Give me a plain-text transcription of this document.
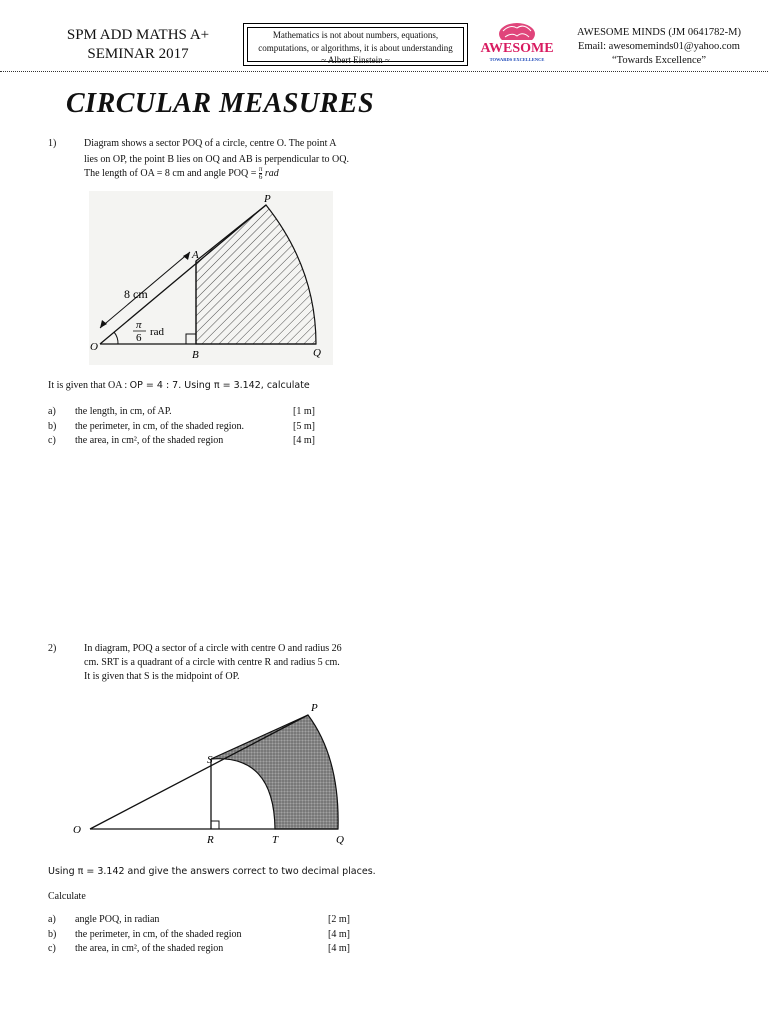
SPM ADD MATHS A+
SEMINAR 2017
Mathematics is not about numbers, equations,
computations, or algorithms, it is about understanding
~ Albert Einstein ~
AWESOME
TOWARDS EXCELLENCE
AWESOME MINDS (JM 0641782-M)
Email: awesomeminds01@yahoo.com
“Towards Excellence”
CIRCULAR MEASURES
1)	Diagram shows a sector POQ of a circle, centre O. The point A
lies on OP, the point B lies on OQ and AB is perpendicular to OQ.
The length of OA = 8 cm and angle POQ = $\frac{\pi}{6}$ rad
P
A
O
B	Q
8 cm
π
6 rad
It is given that OA : OP = 4 : 7. Using π = 3.142, calculate
a) the length, in cm, of AP.	[1 m]
b) the perimeter, in cm, of the shaded region.	[5 m]
c) the area, in cm², of the shaded region	[4 m]
2)	In diagram, POQ a sector of a circle with centre O and radius 26
cm. SRT is a quadrant of a circle with centre R and radius 5 cm.
It is given that S is the midpoint of OP.
P
S
O
R	T	Q
Using π = 3.142 and give the answers correct to two decimal places.
Calculate
a) angle POQ, in radian	[2 m]
b) the perimeter, in cm, of the shaded region	[4 m]
c) the area, in cm², of the shaded region	[4 m]
